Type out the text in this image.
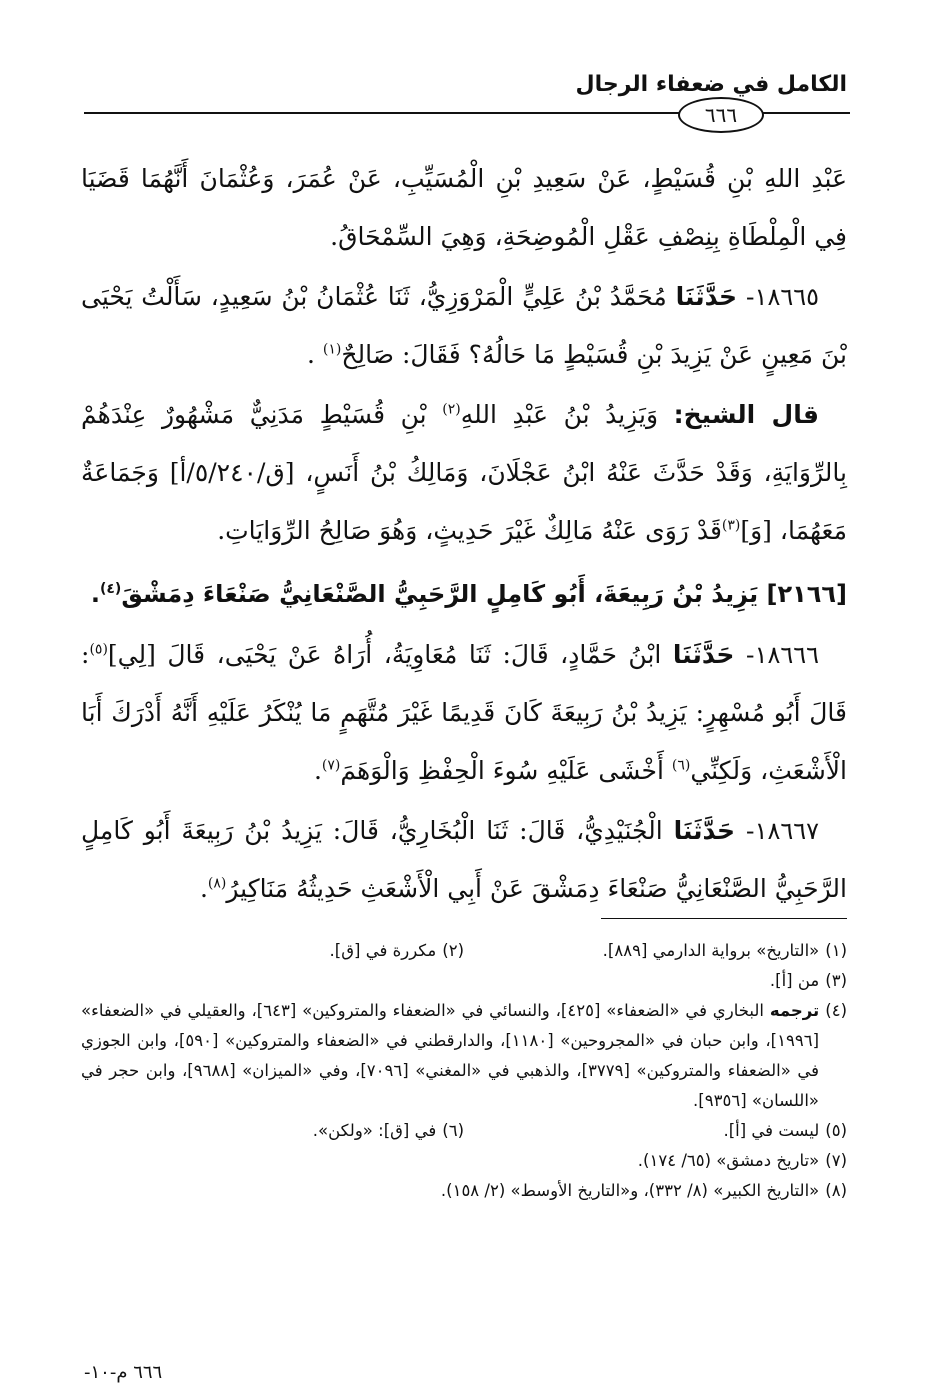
الكامل في ضعفاء الرجال
٦٦٦

عَبْدِ اللهِ بْنِ قُسَيْطٍ، عَنْ سَعِيدِ بْنِ الْمُسَيِّبِ، عَنْ عُمَرَ، وَعُثْمَانَ أَنَّهُمَا قَضَيَا فِي الْمِلْطَاةِ بِنِصْفِ عَقْلِ الْمُوضِحَةِ، وَهِيَ السِّمْحَاقُ.

١٨٦٦٥- حَدَّثَنَا مُحَمَّدُ بْنُ عَلِيٍّ الْمَرْوَزِيُّ، ثَنَا عُثْمَانُ بْنُ سَعِيدٍ، سَأَلْتُ يَحْيَى بْنَ مَعِينٍ عَنْ يَزِيدَ بْنِ قُسَيْطٍ مَا حَالُهُ؟ فَقَالَ: صَالِحٌ$^{(١)}$ .

قال الشيخ: وَيَزِيدُ بْنُ عَبْدِ اللهِ$^{(٢)}$ بْنِ قُسَيْطٍ مَدَنِيٌّ مَشْهُورٌ عِنْدَهُمْ بِالرِّوَايَةِ، وَقَدْ حَدَّثَ عَنْهُ ابْنُ عَجْلَانَ، وَمَالِكُ بْنُ أَنَسٍ، [ق/٥/٢٤٠/أ] وَجَمَاعَةٌ مَعَهُمَا، [وَ]$^{(٣)}$قَدْ رَوَى عَنْهُ مَالِكٌ غَيْرَ حَدِيثٍ، وَهُوَ صَالِحُ الرِّوَايَاتِ.

[٢١٦٦] يَزِيدُ بْنُ رَبِيعَةَ، أَبُو كَامِلٍ الرَّحَبِيُّ الصَّنْعَانِيُّ صَنْعَاءَ دِمَشْقَ$^{(٤)}$.

١٨٦٦٦- حَدَّثَنَا ابْنُ حَمَّادٍ، قَالَ: ثَنَا مُعَاوِيَةُ، أُرَاهُ عَنْ يَحْيَى، قَالَ [لِي]$^{(٥)}$: قَالَ أَبُو مُسْهِرٍ: يَزِيدُ بْنُ رَبِيعَةَ كَانَ قَدِيمًا غَيْرَ مُتَّهَمٍ مَا يُنْكَرُ عَلَيْهِ أَنَّهُ أَدْرَكَ أَبَا الْأَشْعَثِ، وَلَكِنِّي$^{(٦)}$ أَخْشَى عَلَيْهِ سُوءَ الْحِفْظِ وَالْوَهَمَ$^{(٧)}$.

١٨٦٦٧- حَدَّثَنَا الْجُنَيْدِيُّ، قَالَ: ثَنَا الْبُخَارِيُّ، قَالَ: يَزِيدُ بْنُ رَبِيعَةَ أَبُو كَامِلٍ الرَّحَبِيُّ الصَّنْعَانِيُّ صَنْعَاءَ دِمَشْقَ عَنْ أَبِي الْأَشْعَثِ حَدِيثُهُ مَنَاكِيرُ$^{(٨)}$.

(١)«التاريخ» برواية الدارمي [٨٨٩].

(٢)مكررة في [ق].

(٣)من [أ].

(٤)ترجمه البخاري في «الضعفاء» [٤٢٥]، والنسائي في «الضعفاء والمتروكين» [٦٤٣]، والعقيلي في «الضعفاء» [١٩٩٦]، وابن حبان في «المجروحين» [١١٨٠]، والدارقطني في «الضعفاء والمتروكين» [٥٩٠]، وابن الجوزي في «الضعفاء والمتروكين» [٣٧٧٩]، والذهبي في «المغني» [٧٠٩٦]، وفي «الميزان» [٩٦٨٨]، وابن حجر في «اللسان» [٩٣٥٦].

(٥)ليست في [أ].

(٦)في [ق]: «ولكن».

(٧)«تاريخ دمشق» (٦٥/ ١٧٤).

(٨)«التاريخ الكبير» (٨/ ٣٣٢)، و«التاريخ الأوسط» (٢/ ١٥٨).

٦٦٦ م-١٠-
